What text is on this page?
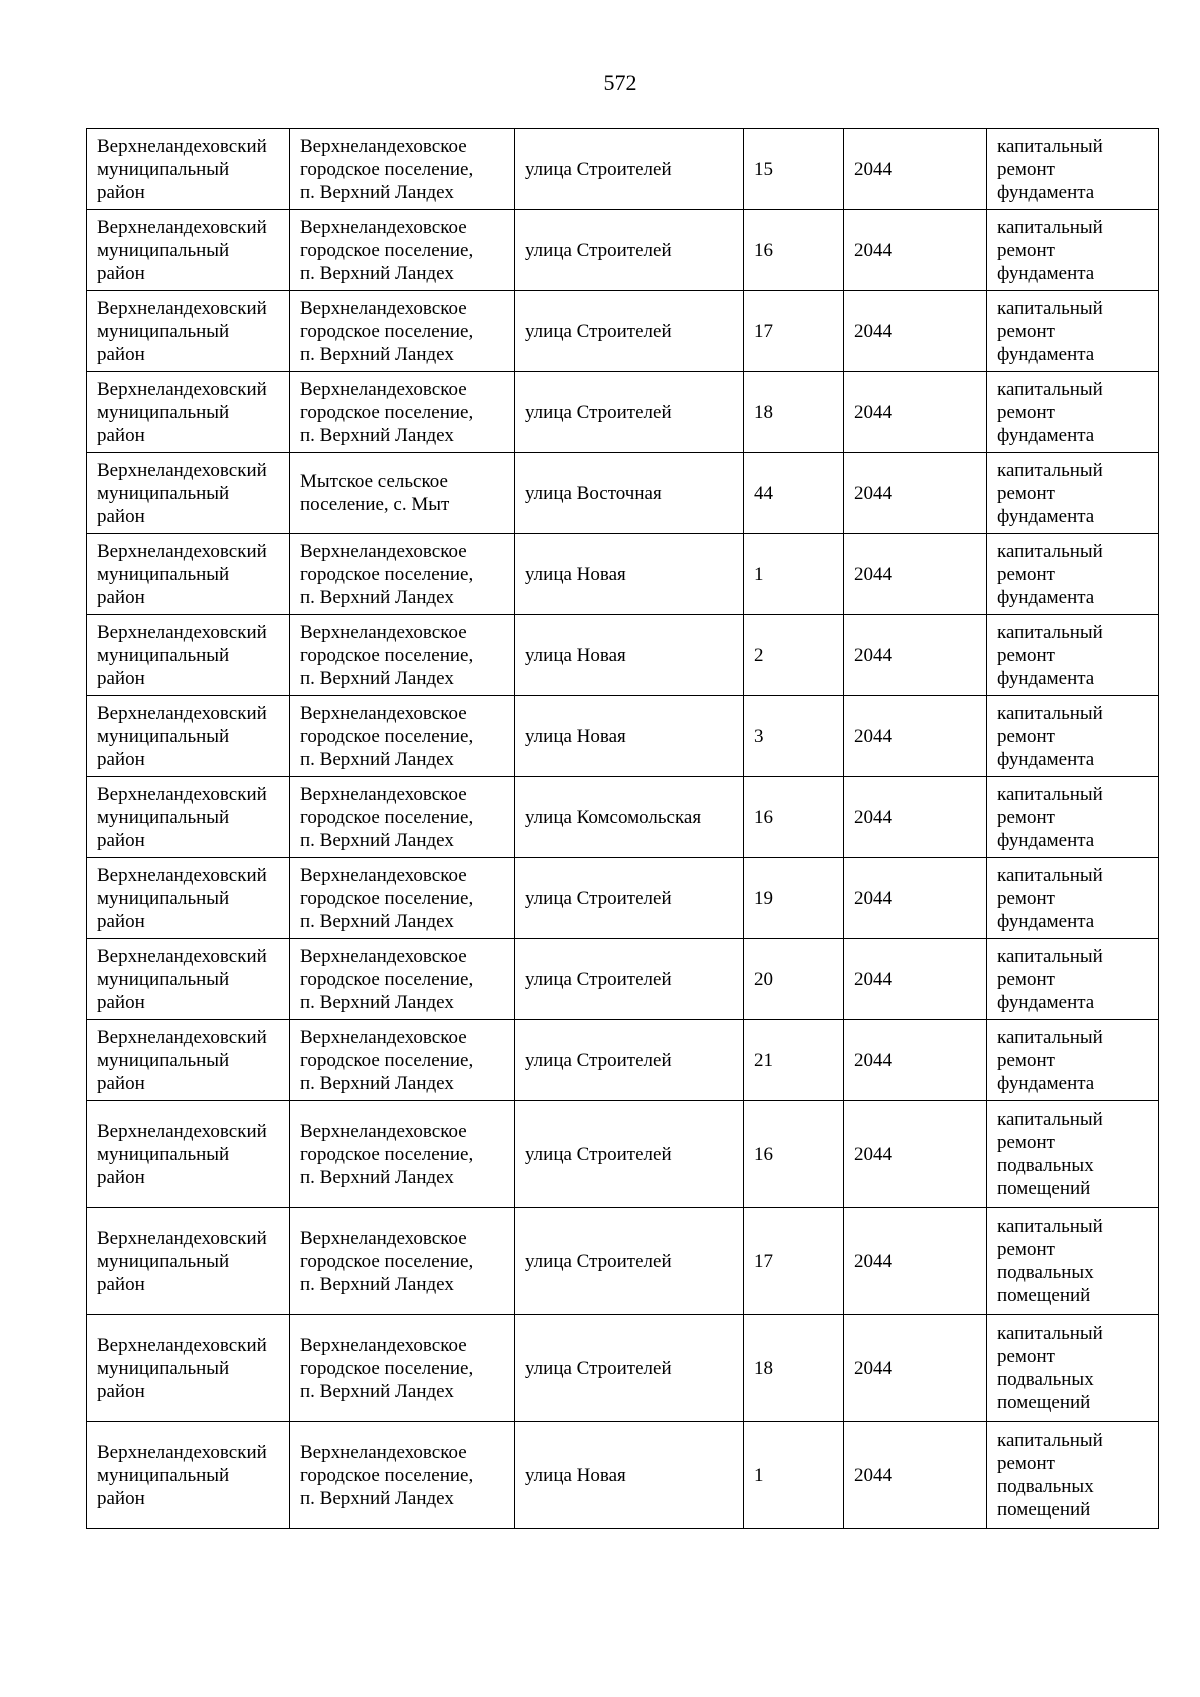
572
Верхнеландеховский
муниципальный
район	Верхнеландеховское
городское поселение,
п. Верхний Ландех	улица Строителей	15	2044	капитальный
ремонт
фундамента

Верхнеландеховский
муниципальный
район	Верхнеландеховское
городское поселение,
п. Верхний Ландех	улица Строителей	16	2044	капитальный
ремонт
фундамента

Верхнеландеховский
муниципальный
район	Верхнеландеховское
городское поселение,
п. Верхний Ландех	улица Строителей	17	2044	капитальный
ремонт
фундамента

Верхнеландеховский
муниципальный
район	Верхнеландеховское
городское поселение,
п. Верхний Ландех	улица Строителей	18	2044	капитальный
ремонт
фундамента

Верхнеландеховский
муниципальный
район	Мытское сельское
поселение, с. Мыт	улица Восточная	44	2044	капитальный
ремонт
фундамента

Верхнеландеховский
муниципальный
район	Верхнеландеховское
городское поселение,
п. Верхний Ландех	улица Новая	1	2044	капитальный
ремонт
фундамента

Верхнеландеховский
муниципальный
район	Верхнеландеховское
городское поселение,
п. Верхний Ландех	улица Новая	2	2044	капитальный
ремонт
фундамента

Верхнеландеховский
муниципальный
район	Верхнеландеховское
городское поселение,
п. Верхний Ландех	улица Новая	3	2044	капитальный
ремонт
фундамента

Верхнеландеховский
муниципальный
район	Верхнеландеховское
городское поселение,
п. Верхний Ландех	улица Комсомольская	16	2044	капитальный
ремонт
фундамента

Верхнеландеховский
муниципальный
район	Верхнеландеховское
городское поселение,
п. Верхний Ландех	улица Строителей	19	2044	капитальный
ремонт
фундамента

Верхнеландеховский
муниципальный
район	Верхнеландеховское
городское поселение,
п. Верхний Ландех	улица Строителей	20	2044	капитальный
ремонт
фундамента

Верхнеландеховский
муниципальный
район	Верхнеландеховское
городское поселение,
п. Верхний Ландех	улица Строителей	21	2044	капитальный
ремонт
фундамента

Верхнеландеховский
муниципальный
район	Верхнеландеховское
городское поселение,
п. Верхний Ландех	улица Строителей	16	2044	капитальный
ремонт
подвальных
помещений

Верхнеландеховский
муниципальный
район	Верхнеландеховское
городское поселение,
п. Верхний Ландех	улица Строителей	17	2044	капитальный
ремонт
подвальных
помещений

Верхнеландеховский
муниципальный
район	Верхнеландеховское
городское поселение,
п. Верхний Ландех	улица Строителей	18	2044	капитальный
ремонт
подвальных
помещений

Верхнеландеховский
муниципальный
район	Верхнеландеховское
городское поселение,
п. Верхний Ландех	улица Новая	1	2044	капитальный
ремонт
подвальных
помещений
